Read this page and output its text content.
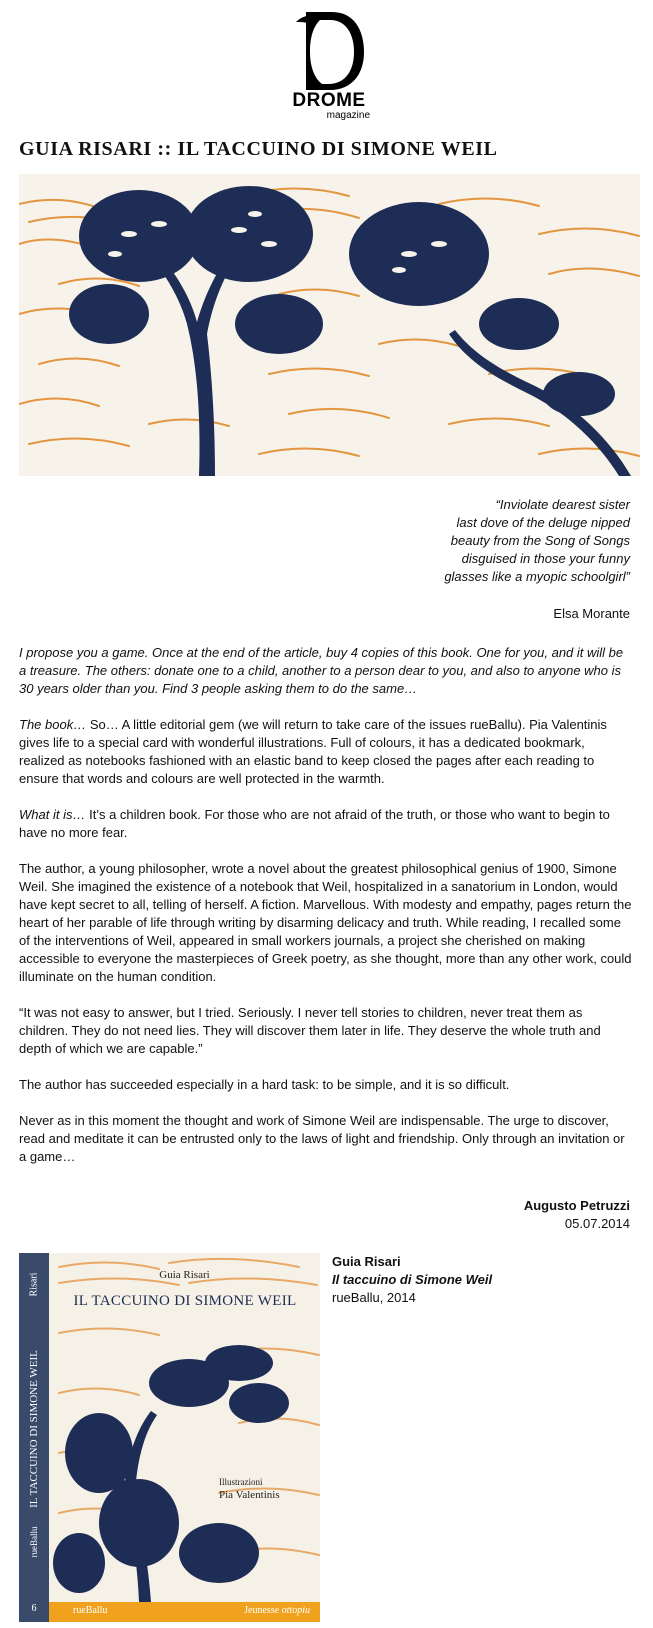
DROME
magazine
GUIA RISARI :: IL TACCUINO DI SIMONE WEIL
“Inviolate dearest sister
last dove of the deluge nipped
beauty from the Song of Songs
disguised in those your funny
glasses like a myopic schoolgirl”
Elsa Morante

I propose you a game. Once at the end of the article, buy 4 copies of this book. One for you, and it will be a treasure. The others: donate one to a child, another to a person dear to you, and also to anyone who is 30 years older than you. Find 3 people asking them to do the same…

The book… So… A little editorial gem (we will return to take care of the issues rueBallu). Pia Valentinis gives life to a special card with wonderful illustrations. Full of colours, it has a dedicated bookmark, realized as notebooks fashioned with an elastic band to keep closed the pages after each reading to ensure that words and colours are well protected in the warmth.

What it is… It’s a children book. For those who are not afraid of the truth, or those who want to begin to have no more fear.

The author, a young philosopher, wrote a novel about the greatest philosophical genius of 1900, Simone Weil. She imagined the existence of a notebook that Weil, hospitalized in a sanatorium in London, would have kept secret to all, telling of herself. A fiction. Marvellous. With modesty and empathy, pages return the heart of her parable of life through writing by disarming delicacy and truth. While reading, I recalled some of the interventions of Weil, appeared in small workers journals, a project she cherished on making accessible to everyone the masterpieces of Greek poetry, as she thought, more than any other work, could illuminate on the human condition.

“It was not easy to answer, but I tried. Seriously. I never tell stories to children, never treat them as children. They do not need lies. They will discover them later in life. They deserve the whole truth and depth of which we are capable.”

The author has succeeded especially in a hard task: to be simple, and it is so difficult.

Never as in this moment the thought and work of Simone Weil are indispensable. The urge to discover, read and meditate it can be entrusted only to the laws of light and friendship. Only through an invitation or a game…

Augusto Petruzzi
05.07.2014
Risari
IL TACCUINO DI SIMONE WEIL
rueBallu
6
Guia Risari
IL TACCUINO DI SIMONE WEIL
Illustrazioni
Pia Valentinis
rueBallu	Jeunesse ottopiu
Guia Risari
Il taccuino di Simone Weil
rueBallu, 2014
